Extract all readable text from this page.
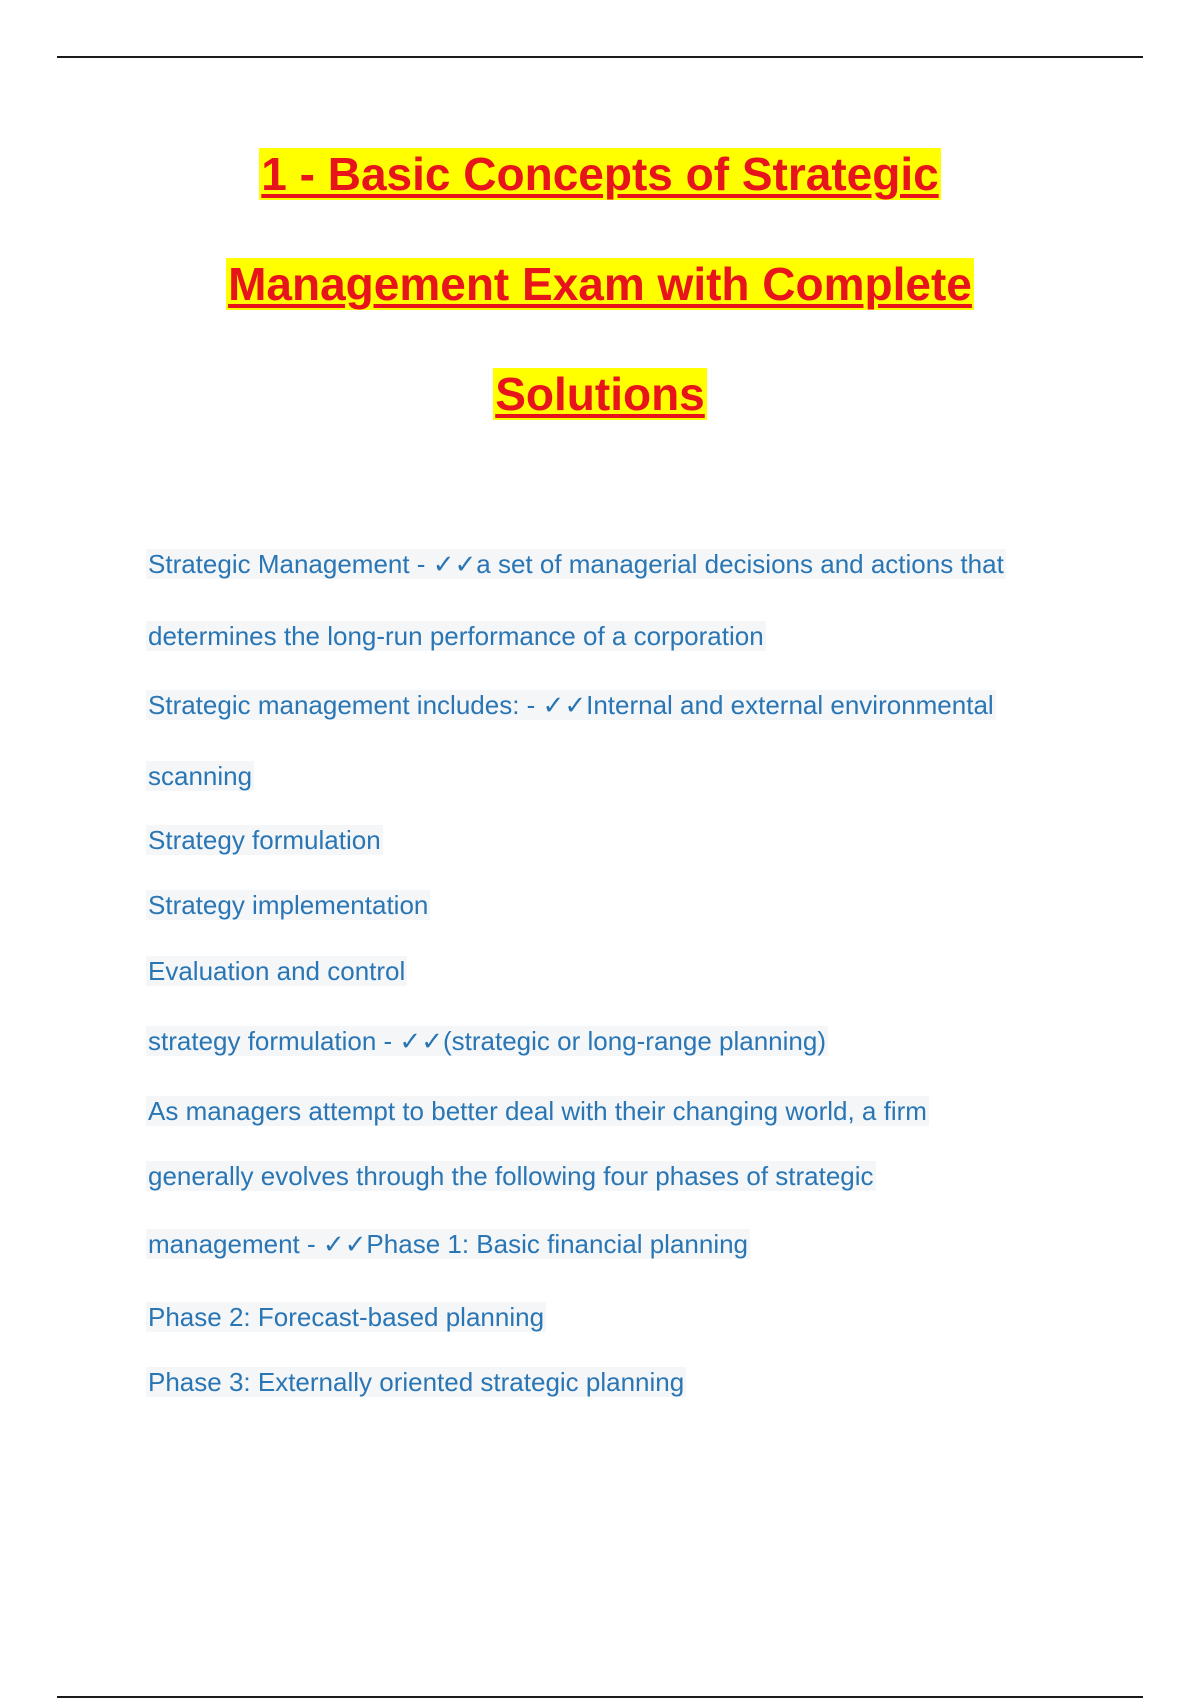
1 - Basic Concepts of Strategic
Management Exam with Complete
Solutions
Strategic Management - ✓✓a set of managerial decisions and actions that
determines the long-run performance of a corporation
Strategic management includes: - ✓✓Internal and external environmental
scanning
Strategy formulation
Strategy implementation
Evaluation and control
strategy formulation - ✓✓(strategic or long-range planning)
As managers attempt to better deal with their changing world, a firm
generally evolves through the following four phases of strategic
management - ✓✓Phase 1: Basic financial planning
Phase 2: Forecast-based planning
Phase 3: Externally oriented strategic planning
